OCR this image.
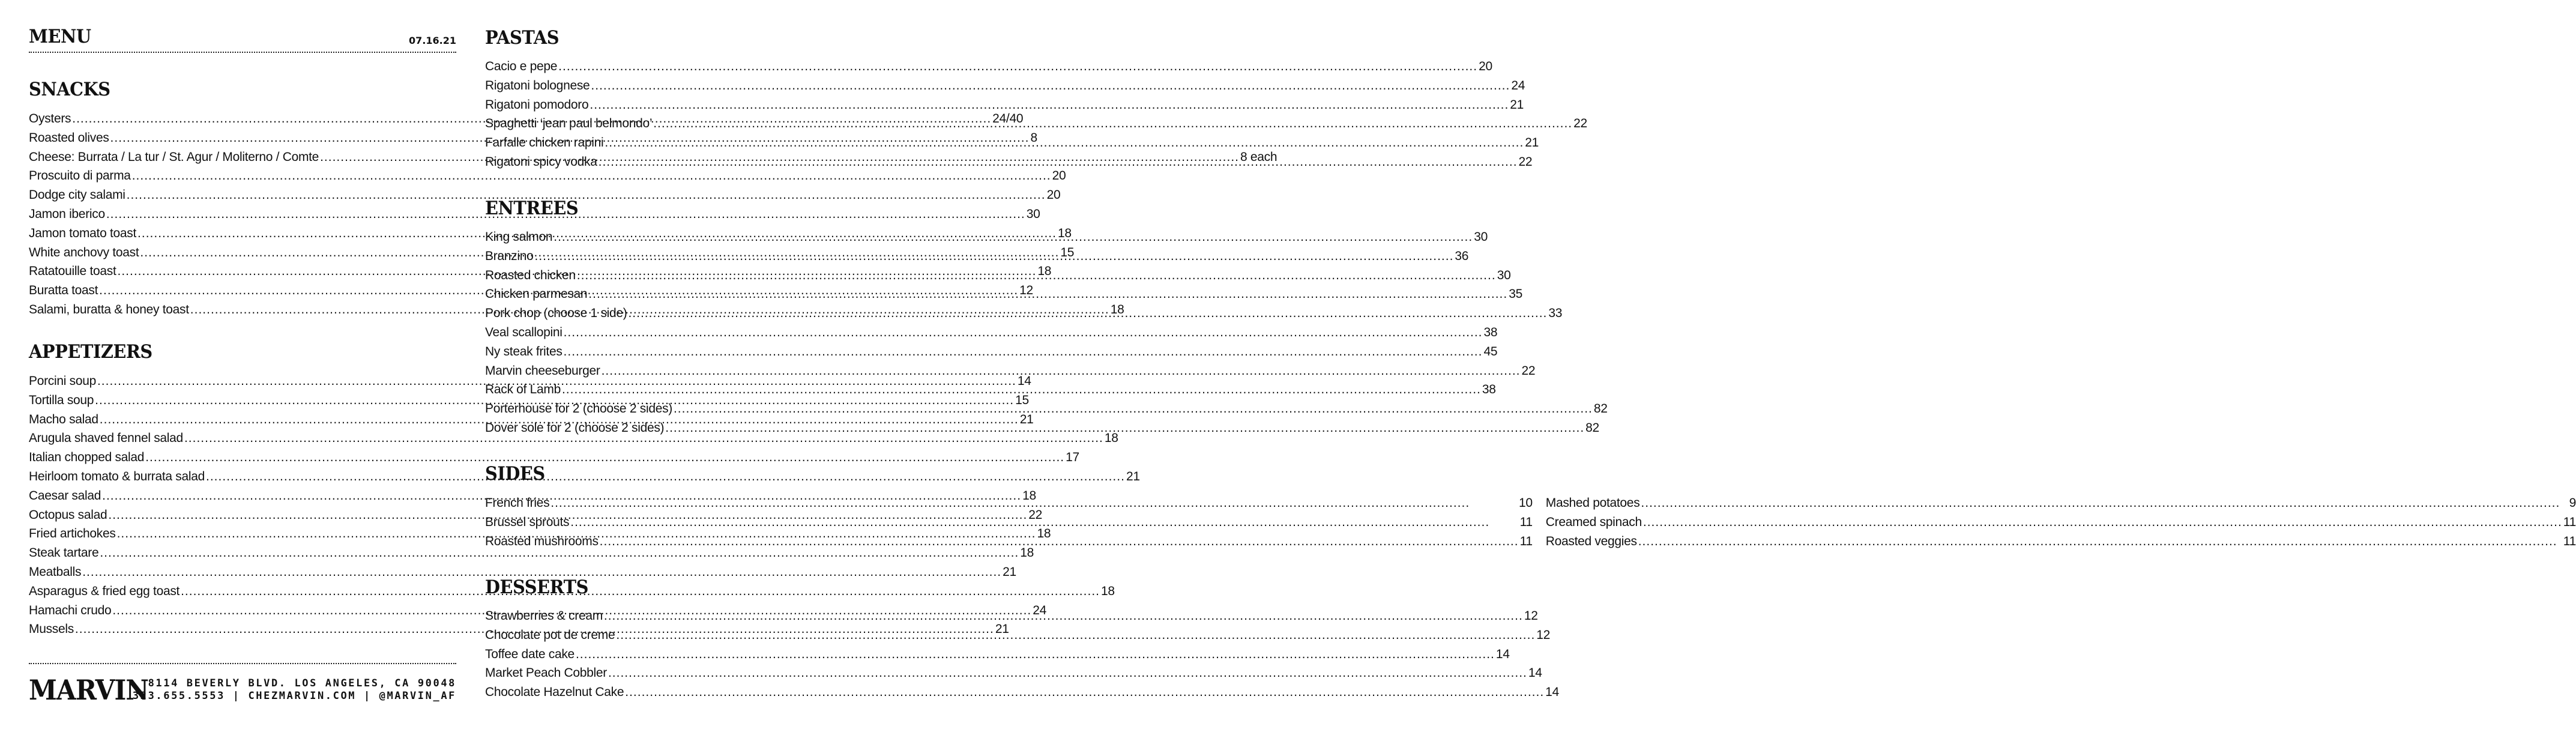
MENU	07.16.21
SNACKS
Oysters .....	24/40
Roasted olives .....	8
Cheese: Burrata / La tur / St. Agur / Moliterno / Comte .....	8 each
Proscuito di parma .....	20
Dodge city salami .....	20
Jamon iberico .....	30
Jamon tomato toast .....	18
White anchovy toast .....	15
Ratatouille toast .....	18
Buratta toast .....	12
Salami, buratta & honey toast .....	18
APPETIZERS
Porcini soup .....	14
Tortilla soup .....	15
Macho salad .....	21
Arugula shaved fennel salad .....	18
Italian chopped salad .....	17
Heirloom tomato & burrata salad .....	21
Caesar salad .....	18
Octopus salad .....	22
Fried artichokes .....	18
Steak tartare .....	18
Meatballs .....	21
Asparagus & fried egg toast .....	18
Hamachi crudo .....	24
Mussels .....	21
MARVIN 8114 BEVERLY BLVD. LOS ANGELES, CA 90048
323.655.5553 | CHEZMARVIN.COM | @MARVIN_AF
PASTAS
Cacio e pepe .....	20
Rigatoni bolognese .....	24
Rigatoni pomodoro .....	21
Spaghetti ‘jean paul belmondo’ .....	22
Farfalle chicken rapini .....	21
Rigatoni spicy vodka .....	22
ENTREES
King salmon .....	30
Branzino .....	36
Roasted chicken .....	30
Chicken parmesan .....	35
Pork chop (choose 1 side) .....	33
Veal scallopini .....	38
Ny steak frites .....	45
Marvin cheeseburger .....	22
Rack of Lamb .....	38
Porterhouse for 2 (choose 2 sides) .....	82
Dover sole for 2 (choose 2 sides) .....	82
SIDES
French fries .....	10
Brussel sprouts .....	11
Roasted mushrooms .....	11
Mashed potatoes .....	9
Creamed spinach .....	11
Roasted veggies .....	11
DESSERTS
Strawberries & cream .....	12
Chocolate pot de creme .....	12
Toffee date cake .....	14
Market Peach Cobbler .....	14
Chocolate Hazelnut Cake .....	14
